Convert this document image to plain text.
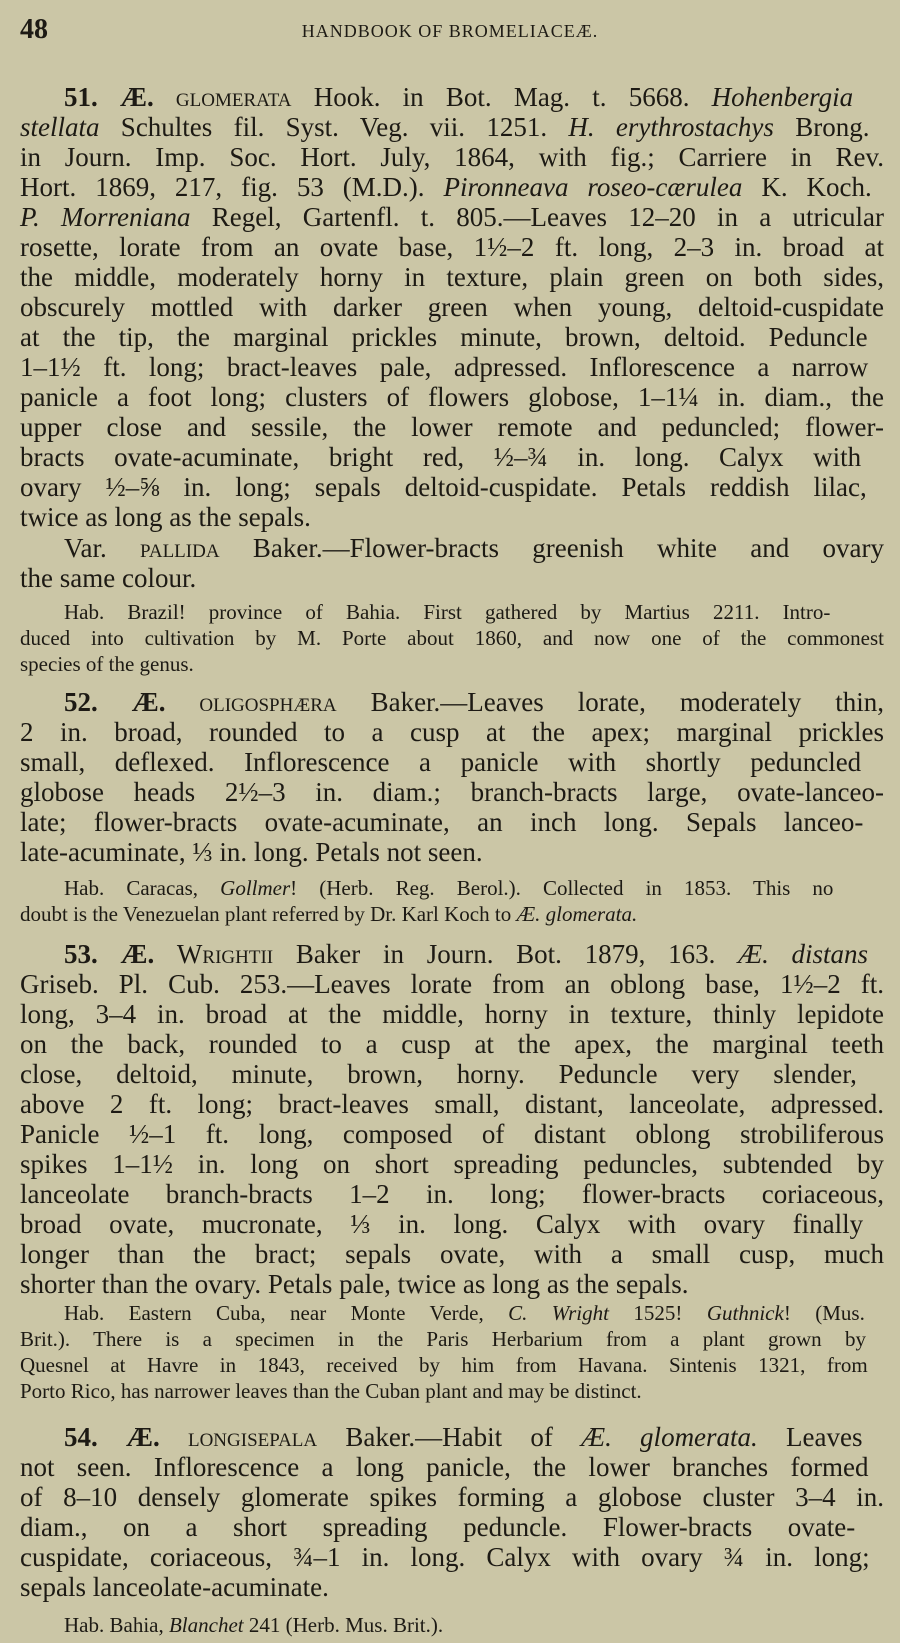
48	HANDBOOK OF BROMELIACEÆ.
51. Æ. glomerata Hook. in Bot. Mag. t. 5668. Hohenbergia
stellata Schultes fil. Syst. Veg. vii. 1251. H. erythrostachys Brong.
in Journ. Imp. Soc. Hort. July, 1864, with fig.; Carriere in Rev.
Hort. 1869, 217, fig. 53 (M.D.). Pironneava roseo-cærulea K. Koch.
P. Morreniana Regel, Gartenfl. t. 805.—Leaves 12–20 in a utricular
rosette, lorate from an ovate base, 1½–2 ft. long, 2–3 in. broad at
the middle, moderately horny in texture, plain green on both sides,
obscurely mottled with darker green when young, deltoid-cuspidate
at the tip, the marginal prickles minute, brown, deltoid. Peduncle
1–1½ ft. long; bract-leaves pale, adpressed. Inflorescence a narrow
panicle a foot long; clusters of flowers globose, 1–1¼ in. diam., the
upper close and sessile, the lower remote and peduncled; flower-
bracts ovate-acuminate, bright red, ½–¾ in. long. Calyx with
ovary ½–⅝ in. long; sepals deltoid-cuspidate. Petals reddish lilac,
twice as long as the sepals.
Var. pallida Baker.—Flower-bracts greenish white and ovary
the same colour.
Hab. Brazil! province of Bahia. First gathered by Martius 2211. Intro-
duced into cultivation by M. Porte about 1860, and now one of the commonest
species of the genus.
52. Æ. oligosphæra Baker.—Leaves lorate, moderately thin,
2 in. broad, rounded to a cusp at the apex; marginal prickles
small, deflexed. Inflorescence a panicle with shortly peduncled
globose heads 2½–3 in. diam.; branch-bracts large, ovate-lanceo-
late; flower-bracts ovate-acuminate, an inch long. Sepals lanceo-
late-acuminate, ⅓ in. long. Petals not seen.
Hab. Caracas, Gollmer! (Herb. Reg. Berol.). Collected in 1853. This no
doubt is the Venezuelan plant referred by Dr. Karl Koch to Æ. glomerata.
53. Æ. Wrightii Baker in Journ. Bot. 1879, 163. Æ. distans
Griseb. Pl. Cub. 253.—Leaves lorate from an oblong base, 1½–2 ft.
long, 3–4 in. broad at the middle, horny in texture, thinly lepidote
on the back, rounded to a cusp at the apex, the marginal teeth
close, deltoid, minute, brown, horny. Peduncle very slender,
above 2 ft. long; bract-leaves small, distant, lanceolate, adpressed.
Panicle ½–1 ft. long, composed of distant oblong strobiliferous
spikes 1–1½ in. long on short spreading peduncles, subtended by
lanceolate branch-bracts 1–2 in. long; flower-bracts coriaceous,
broad ovate, mucronate, ⅓ in. long. Calyx with ovary finally
longer than the bract; sepals ovate, with a small cusp, much
shorter than the ovary. Petals pale, twice as long as the sepals.
Hab. Eastern Cuba, near Monte Verde, C. Wright 1525! Guthnick! (Mus.
Brit.). There is a specimen in the Paris Herbarium from a plant grown by
Quesnel at Havre in 1843, received by him from Havana. Sintenis 1321, from
Porto Rico, has narrower leaves than the Cuban plant and may be distinct.
54. Æ. longisepala Baker.—Habit of Æ. glomerata. Leaves
not seen. Inflorescence a long panicle, the lower branches formed
of 8–10 densely glomerate spikes forming a globose cluster 3–4 in.
diam., on a short spreading peduncle. Flower-bracts ovate-
cuspidate, coriaceous, ¾–1 in. long. Calyx with ovary ¾ in. long;
sepals lanceolate-acuminate.
Hab. Bahia, Blanchet 241 (Herb. Mus. Brit.).
